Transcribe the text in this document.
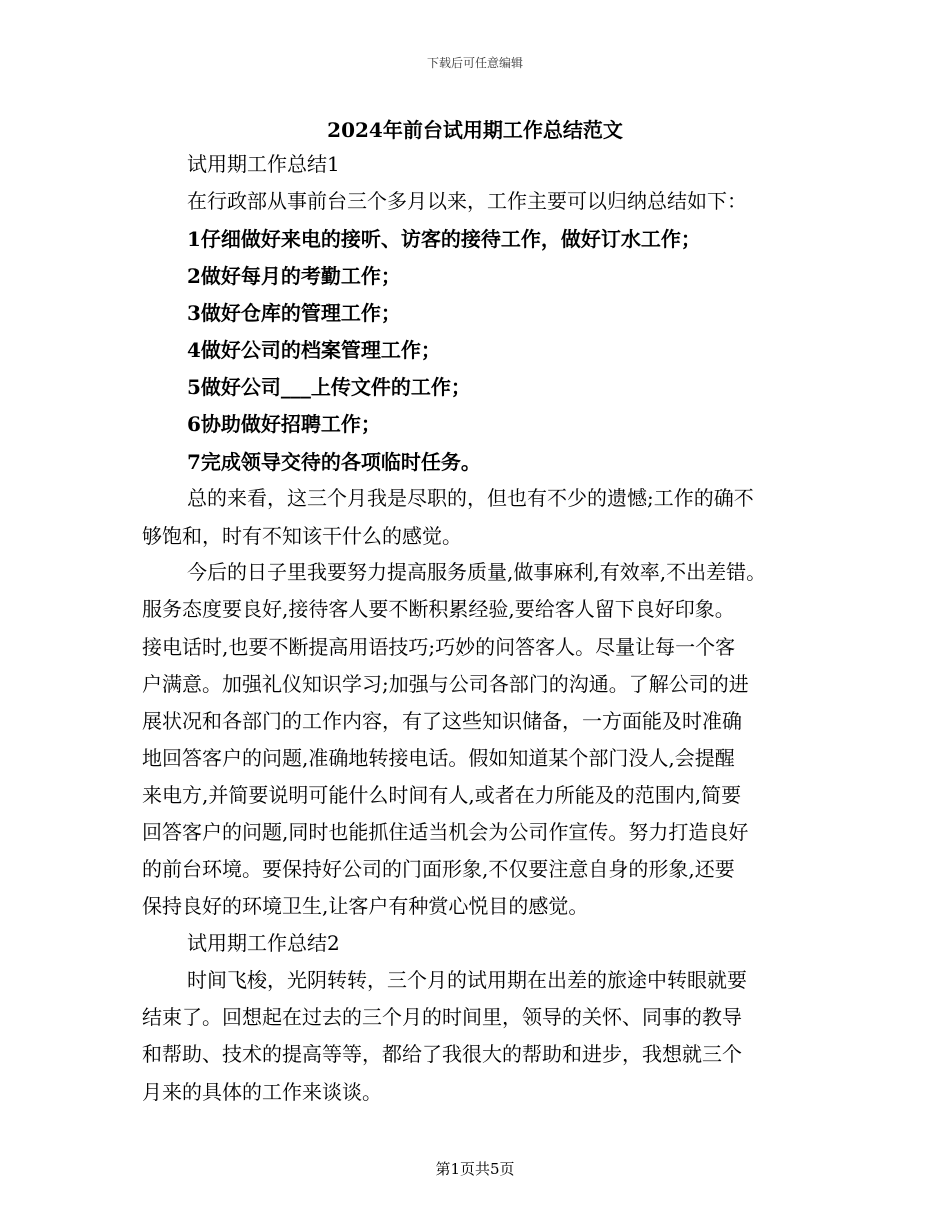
下载后可任意编辑
2024年前台试用期工作总结范文

试用期工作总结1

在行政部从事前台三个多月以来，工作主要可以归纳总结如下：

1仔细做好来电的接听、访客的接待工作，做好订水工作；

2做好每月的考勤工作；

3做好仓库的管理工作；

4做好公司的档案管理工作；

5做好公司___上传文件的工作；

6协助做好招聘工作；

7完成领导交待的各项临时任务。

总的来看，这三个月我是尽职的，但也有不少的遗憾;工作的确不

够饱和，时有不知该干什么的感觉。

今后的日子里我要努力提高服务质量,做事麻利,有效率,不出差错。

服务态度要良好,接待客人要不断积累经验,要给客人留下良好印象。

接电话时,也要不断提高用语技巧;巧妙的问答客人。尽量让每一个客

户满意。加强礼仪知识学习;加强与公司各部门的沟通。了解公司的进

展状况和各部门的工作内容，有了这些知识储备，一方面能及时准确

地回答客户的问题,准确地转接电话。假如知道某个部门没人,会提醒

来电方,并简要说明可能什么时间有人,或者在力所能及的范围内,简要

回答客户的问题,同时也能抓住适当机会为公司作宣传。努力打造良好

的前台环境。要保持好公司的门面形象,不仅要注意自身的形象,还要

保持良好的环境卫生,让客户有种赏心悦目的感觉。

试用期工作总结2

时间飞梭，光阴转转，三个月的试用期在出差的旅途中转眼就要

结束了。回想起在过去的三个月的时间里，领导的关怀、同事的教导

和帮助、技术的提高等等，都给了我很大的帮助和进步，我想就三个

月来的具体的工作来谈谈。

第1页共5页
